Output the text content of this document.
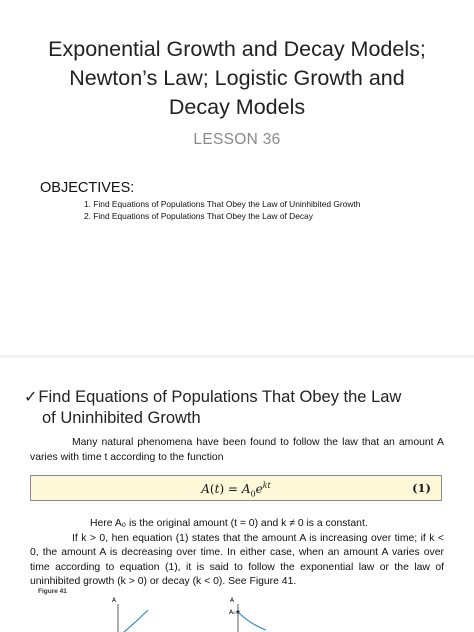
Exponential Growth and Decay Models; Newton’s Law; Logistic Growth and Decay Models
LESSON 36
OBJECTIVES:
1. Find Equations of Populations That Obey the Law of Uninhibited Growth
2. Find Equations of Populations That Obey the Law of Decay
✓Find Equations of Populations That Obey the Law
of Uninhibited Growth
Many natural phenomena have been found to follow the law that an amount A varies with time t according to the function
$A(t) = A_0e^{kt}$	(1)
Here A₀ is the original amount (t = 0) and k ≠ 0 is a constant.
If k > 0, hen equation (1) states that the amount A is increasing over time; if k < 0, the amount A is decreasing over time. In either case, when an amount A varies over time according to equation (1), it is said to follow the exponential law or the law of uninhibited growth (k > 0) or decay (k < 0). See Figure 41.
Figure 41
A	A
A₀
